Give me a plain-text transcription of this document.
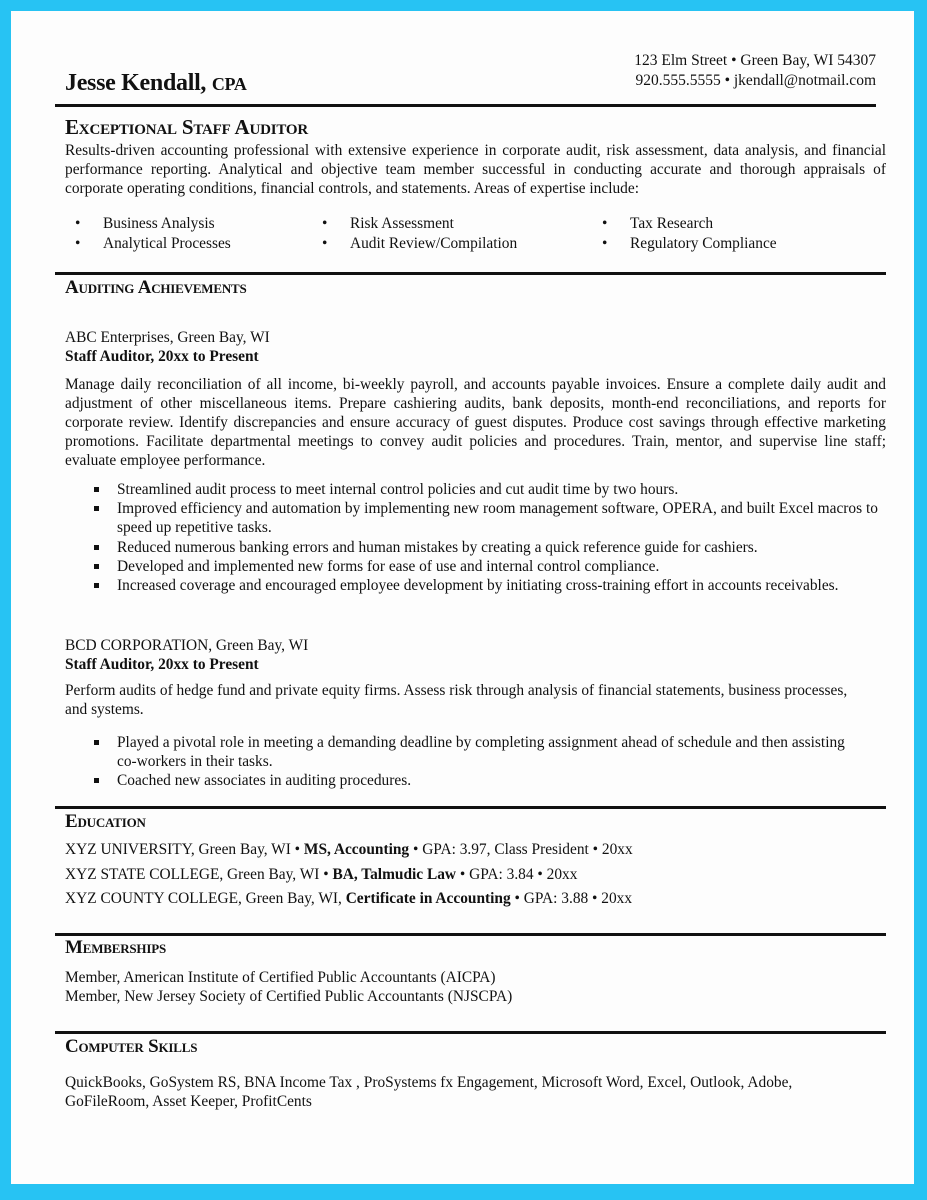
Jesse Kendall, CPA
123 Elm Street • Green Bay, WI 54307
920.555.5555 • jkendall@notmail.com
Exceptional Staff Auditor

Results-driven accounting professional with extensive experience in corporate audit, risk assessment, data analysis, and financial performance reporting. Analytical and objective team member successful in conducting accurate and thorough appraisals of corporate operating conditions, financial controls, and statements. Areas of expertise include:

• Business Analysis
• Analytical Processes
• Risk Assessment
• Audit Review/Compilation
• Tax Research
• Regulatory Compliance
Auditing Achievements

ABC Enterprises, Green Bay, WI

Staff Auditor, 20xx to Present

Manage daily reconciliation of all income, bi-weekly payroll, and accounts payable invoices. Ensure a complete daily audit and adjustment of other miscellaneous items. Prepare cashiering audits, bank deposits, month-end reconciliations, and reports for corporate review. Identify discrepancies and ensure accuracy of guest disputes. Produce cost savings through effective marketing promotions. Facilitate departmental meetings to convey audit policies and procedures. Train, mentor, and supervise line staff; evaluate employee performance.

Streamlined audit process to meet internal control policies and cut audit time by two hours.
Improved efficiency and automation by implementing new room management software, OPERA, and built Excel macros to speed up repetitive tasks.
Reduced numerous banking errors and human mistakes by creating a quick reference guide for cashiers.
Developed and implemented new forms for ease of use and internal control compliance.
Increased coverage and encouraged employee development by initiating cross-training effort in accounts receivables.

BCD CORPORATION, Green Bay, WI

Staff Auditor, 20xx to Present

Perform audits of hedge fund and private equity firms. Assess risk through analysis of financial statements, business processes, and systems.

Played a pivotal role in meeting a demanding deadline by completing assignment ahead of schedule and then assisting co-workers in their tasks.
Coached new associates in auditing procedures.
Education
XYZ UNIVERSITY, Green Bay, WI • MS, Accounting • GPA: 3.97, Class President • 20xx
XYZ STATE COLLEGE, Green Bay, WI • BA, Talmudic Law • GPA: 3.84 • 20xx
XYZ COUNTY COLLEGE, Green Bay, WI, Certificate in Accounting • GPA: 3.88 • 20xx
Memberships

Member, American Institute of Certified Public Accountants (AICPA)

Member, New Jersey Society of Certified Public Accountants (NJSCPA)

Computer Skills

QuickBooks, GoSystem RS, BNA Income Tax , ProSystems fx Engagement, Microsoft Word, Excel, Outlook, Adobe, GoFileRoom, Asset Keeper, ProfitCents
